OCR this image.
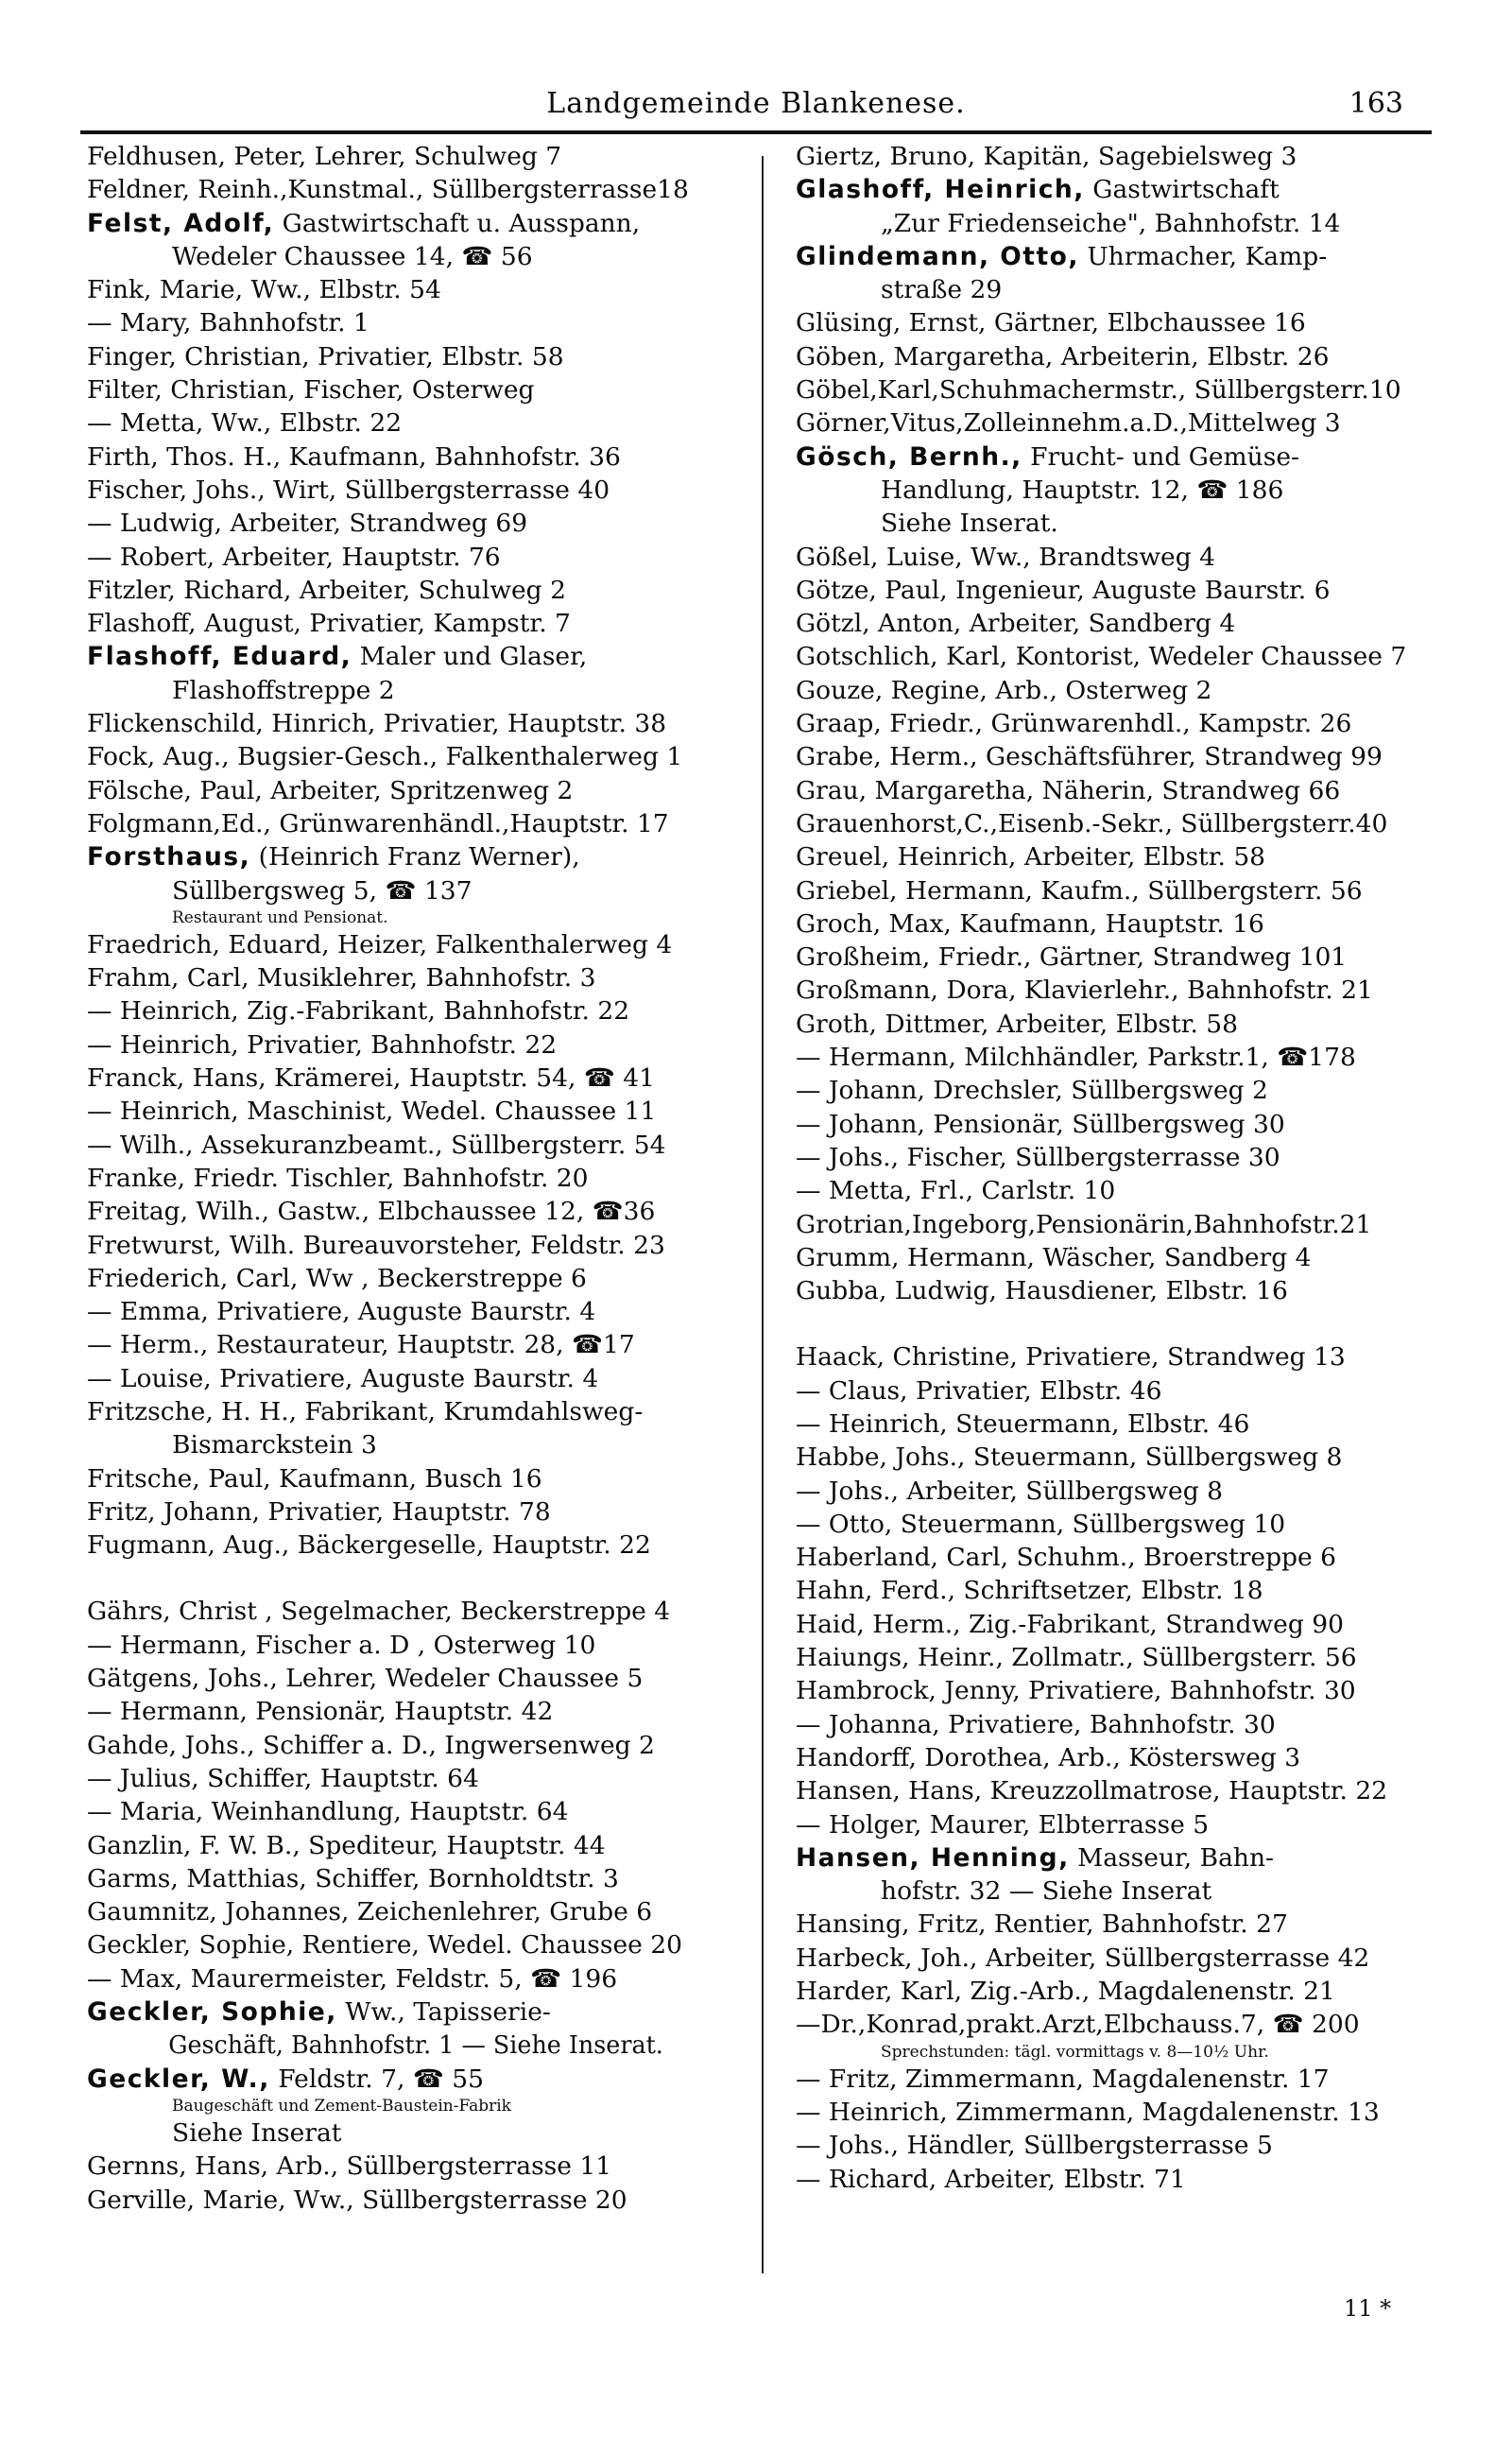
Landgemeinde Blankenese.	163
Feldhusen, Peter, Lehrer, Schulweg 7
Feldner, Reinh.,Kunstmal., Süllbergsterrasse18
Felst, Adolf, Gastwirtschaft u. Ausspann,
Wedeler Chaussee 14, ☎ 56
Fink, Marie, Ww., Elbstr. 54
— Mary, Bahnhofstr. 1
Finger, Christian, Privatier, Elbstr. 58
Filter, Christian, Fischer, Osterweg
— Metta, Ww., Elbstr. 22
Firth, Thos. H., Kaufmann, Bahnhofstr. 36
Fischer, Johs., Wirt, Süllbergsterrasse 40
— Ludwig, Arbeiter, Strandweg 69
— Robert, Arbeiter, Hauptstr. 76
Fitzler, Richard, Arbeiter, Schulweg 2
Flashoff, August, Privatier, Kampstr. 7
Flashoff, Eduard, Maler und Glaser,
Flashoffstreppe 2
Flickenschild, Hinrich, Privatier, Hauptstr. 38
Fock, Aug., Bugsier-Gesch., Falkenthalerweg 1
Fölsche, Paul, Arbeiter, Spritzenweg 2
Folgmann,Ed., Grünwarenhändl.,Hauptstr. 17
Forsthaus, (Heinrich Franz Werner),
Süllbergsweg 5, ☎ 137
Restaurant und Pensionat.
Fraedrich, Eduard, Heizer, Falkenthalerweg 4
Frahm, Carl, Musiklehrer, Bahnhofstr. 3
— Heinrich, Zig.-Fabrikant, Bahnhofstr. 22
— Heinrich, Privatier, Bahnhofstr. 22
Franck, Hans, Krämerei, Hauptstr. 54, ☎ 41
— Heinrich, Maschinist, Wedel. Chaussee 11
— Wilh., Assekuranzbeamt., Süllbergsterr. 54
Franke, Friedr. Tischler, Bahnhofstr. 20
Freitag, Wilh., Gastw., Elbchaussee 12, ☎36
Fretwurst, Wilh. Bureauvorsteher, Feldstr. 23
Friederich, Carl, Ww , Beckerstreppe 6
— Emma, Privatiere, Auguste Baurstr. 4
— Herm., Restaurateur, Hauptstr. 28, ☎17
— Louise, Privatiere, Auguste Baurstr. 4
Fritzsche, H. H., Fabrikant, Krumdahlsweg-
Bismarckstein 3
Fritsche, Paul, Kaufmann, Busch 16
Fritz, Johann, Privatier, Hauptstr. 78
Fugmann, Aug., Bäckergeselle, Hauptstr. 22
Gährs, Christ , Segelmacher, Beckerstreppe 4
— Hermann, Fischer a. D , Osterweg 10
Gätgens, Johs., Lehrer, Wedeler Chaussee 5
— Hermann, Pensionär, Hauptstr. 42
Gahde, Johs., Schiffer a. D., Ingwersenweg 2
— Julius, Schiffer, Hauptstr. 64
— Maria, Weinhandlung, Hauptstr. 64
Ganzlin, F. W. B., Spediteur, Hauptstr. 44
Garms, Matthias, Schiffer, Bornholdtstr. 3
Gaumnitz, Johannes, Zeichenlehrer, Grube 6
Geckler, Sophie, Rentiere, Wedel. Chaussee 20
— Max, Maurermeister, Feldstr. 5, ☎ 196
Geckler, Sophie, Ww., Tapisserie-
Geschäft, Bahnhofstr. 1 — Siehe Inserat.
Geckler, W., Feldstr. 7, ☎ 55
Baugeschäft und Zement-Baustein-Fabrik
Siehe Inserat
Gernns, Hans, Arb., Süllbergsterrasse 11
Gerville, Marie, Ww., Süllbergsterrasse 20
Giertz, Bruno, Kapitän, Sagebielsweg 3
Glashoff, Heinrich, Gastwirtschaft
„Zur Friedenseiche", Bahnhofstr. 14
Glindemann, Otto, Uhrmacher, Kamp-
straße 29
Glüsing, Ernst, Gärtner, Elbchaussee 16
Göben, Margaretha, Arbeiterin, Elbstr. 26
Göbel,Karl,Schuhmachermstr., Süllbergsterr.10
Görner,Vitus,Zolleinnehm.a.D.,Mittelweg 3
Gösch, Bernh., Frucht- und Gemüse-
Handlung, Hauptstr. 12, ☎ 186
Siehe Inserat.
Gößel, Luise, Ww., Brandtsweg 4
Götze, Paul, Ingenieur, Auguste Baurstr. 6
Götzl, Anton, Arbeiter, Sandberg 4
Gotschlich, Karl, Kontorist, Wedeler Chaussee 7
Gouze, Regine, Arb., Osterweg 2
Graap, Friedr., Grünwarenhdl., Kampstr. 26
Grabe, Herm., Geschäftsführer, Strandweg 99
Grau, Margaretha, Näherin, Strandweg 66
Grauenhorst,C.,Eisenb.-Sekr., Süllbergsterr.40
Greuel, Heinrich, Arbeiter, Elbstr. 58
Griebel, Hermann, Kaufm., Süllbergsterr. 56
Groch, Max, Kaufmann, Hauptstr. 16
Großheim, Friedr., Gärtner, Strandweg 101
Großmann, Dora, Klavierlehr., Bahnhofstr. 21
Groth, Dittmer, Arbeiter, Elbstr. 58
— Hermann, Milchhändler, Parkstr.1, ☎178
— Johann, Drechsler, Süllbergsweg 2
— Johann, Pensionär, Süllbergsweg 30
— Johs., Fischer, Süllbergsterrasse 30
— Metta, Frl., Carlstr. 10
Grotrian,Ingeborg,Pensionärin,Bahnhofstr.21
Grumm, Hermann, Wäscher, Sandberg 4
Gubba, Ludwig, Hausdiener, Elbstr. 16
Haack, Christine, Privatiere, Strandweg 13
— Claus, Privatier, Elbstr. 46
— Heinrich, Steuermann, Elbstr. 46
Habbe, Johs., Steuermann, Süllbergsweg 8
— Johs., Arbeiter, Süllbergsweg 8
— Otto, Steuermann, Süllbergsweg 10
Haberland, Carl, Schuhm., Broerstreppe 6
Hahn, Ferd., Schriftsetzer, Elbstr. 18
Haid, Herm., Zig.-Fabrikant, Strandweg 90
Haiungs, Heinr., Zollmatr., Süllbergsterr. 56
Hambrock, Jenny, Privatiere, Bahnhofstr. 30
— Johanna, Privatiere, Bahnhofstr. 30
Handorff, Dorothea, Arb., Köstersweg 3
Hansen, Hans, Kreuzzollmatrose, Hauptstr. 22
— Holger, Maurer, Elbterrasse 5
Hansen, Henning, Masseur, Bahn-
hofstr. 32 — Siehe Inserat
Hansing, Fritz, Rentier, Bahnhofstr. 27
Harbeck, Joh., Arbeiter, Süllbergsterrasse 42
Harder, Karl, Zig.-Arb., Magdalenenstr. 21
—Dr.,Konrad,prakt.Arzt,Elbchauss.7, ☎ 200
Sprechstunden: tägl. vormittags v. 8—10½ Uhr.
— Fritz, Zimmermann, Magdalenenstr. 17
— Heinrich, Zimmermann, Magdalenenstr. 13
— Johs., Händler, Süllbergsterrasse 5
— Richard, Arbeiter, Elbstr. 71
11 *
